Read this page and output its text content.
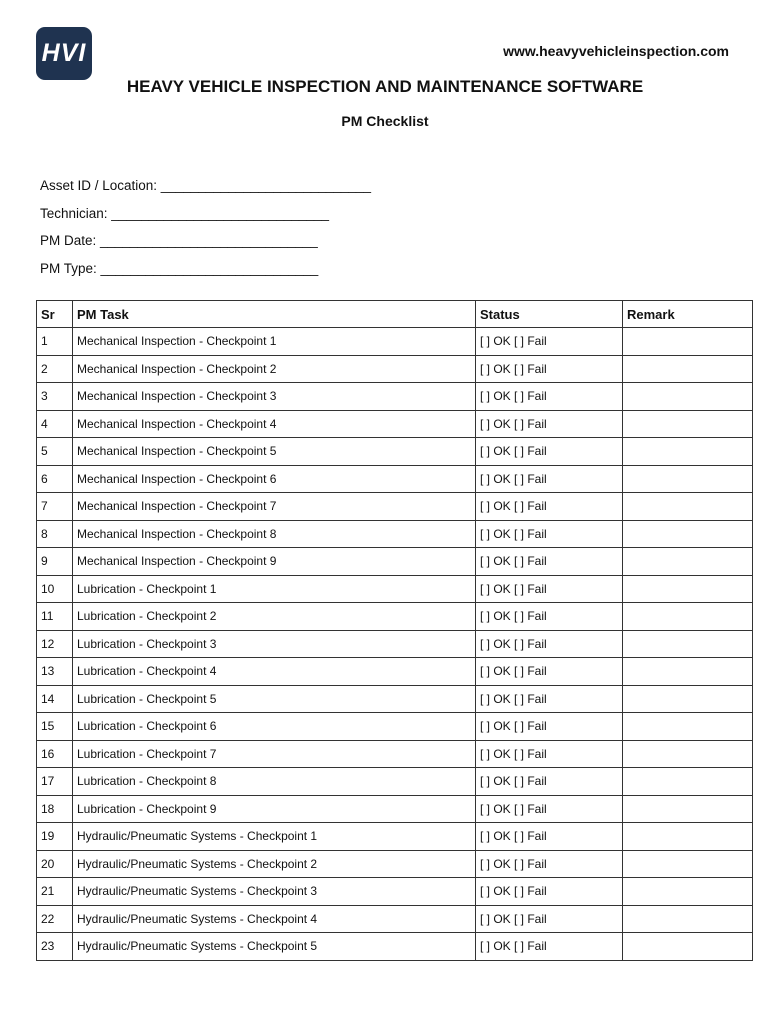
HVI	www.heavyvehicleinspection.com
HEAVY VEHICLE INSPECTION AND MAINTENANCE SOFTWARE
PM Checklist
Asset ID / Location: ____________________________
Technician: _____________________________
PM Date: _____________________________
PM Type: _____________________________
Sr	PM Task	Status	Remark
1	Mechanical Inspection - Checkpoint 1	[ ] OK [ ] Fail	
2	Mechanical Inspection - Checkpoint 2	[ ] OK [ ] Fail	
3	Mechanical Inspection - Checkpoint 3	[ ] OK [ ] Fail	
4	Mechanical Inspection - Checkpoint 4	[ ] OK [ ] Fail	
5	Mechanical Inspection - Checkpoint 5	[ ] OK [ ] Fail	
6	Mechanical Inspection - Checkpoint 6	[ ] OK [ ] Fail	
7	Mechanical Inspection - Checkpoint 7	[ ] OK [ ] Fail	
8	Mechanical Inspection - Checkpoint 8	[ ] OK [ ] Fail	
9	Mechanical Inspection - Checkpoint 9	[ ] OK [ ] Fail	
10	Lubrication - Checkpoint 1	[ ] OK [ ] Fail	
11	Lubrication - Checkpoint 2	[ ] OK [ ] Fail	
12	Lubrication - Checkpoint 3	[ ] OK [ ] Fail	
13	Lubrication - Checkpoint 4	[ ] OK [ ] Fail	
14	Lubrication - Checkpoint 5	[ ] OK [ ] Fail	
15	Lubrication - Checkpoint 6	[ ] OK [ ] Fail	
16	Lubrication - Checkpoint 7	[ ] OK [ ] Fail	
17	Lubrication - Checkpoint 8	[ ] OK [ ] Fail	
18	Lubrication - Checkpoint 9	[ ] OK [ ] Fail	
19	Hydraulic/Pneumatic Systems - Checkpoint 1	[ ] OK [ ] Fail	
20	Hydraulic/Pneumatic Systems - Checkpoint 2	[ ] OK [ ] Fail	
21	Hydraulic/Pneumatic Systems - Checkpoint 3	[ ] OK [ ] Fail	
22	Hydraulic/Pneumatic Systems - Checkpoint 4	[ ] OK [ ] Fail	
23	Hydraulic/Pneumatic Systems - Checkpoint 5	[ ] OK [ ] Fail	
